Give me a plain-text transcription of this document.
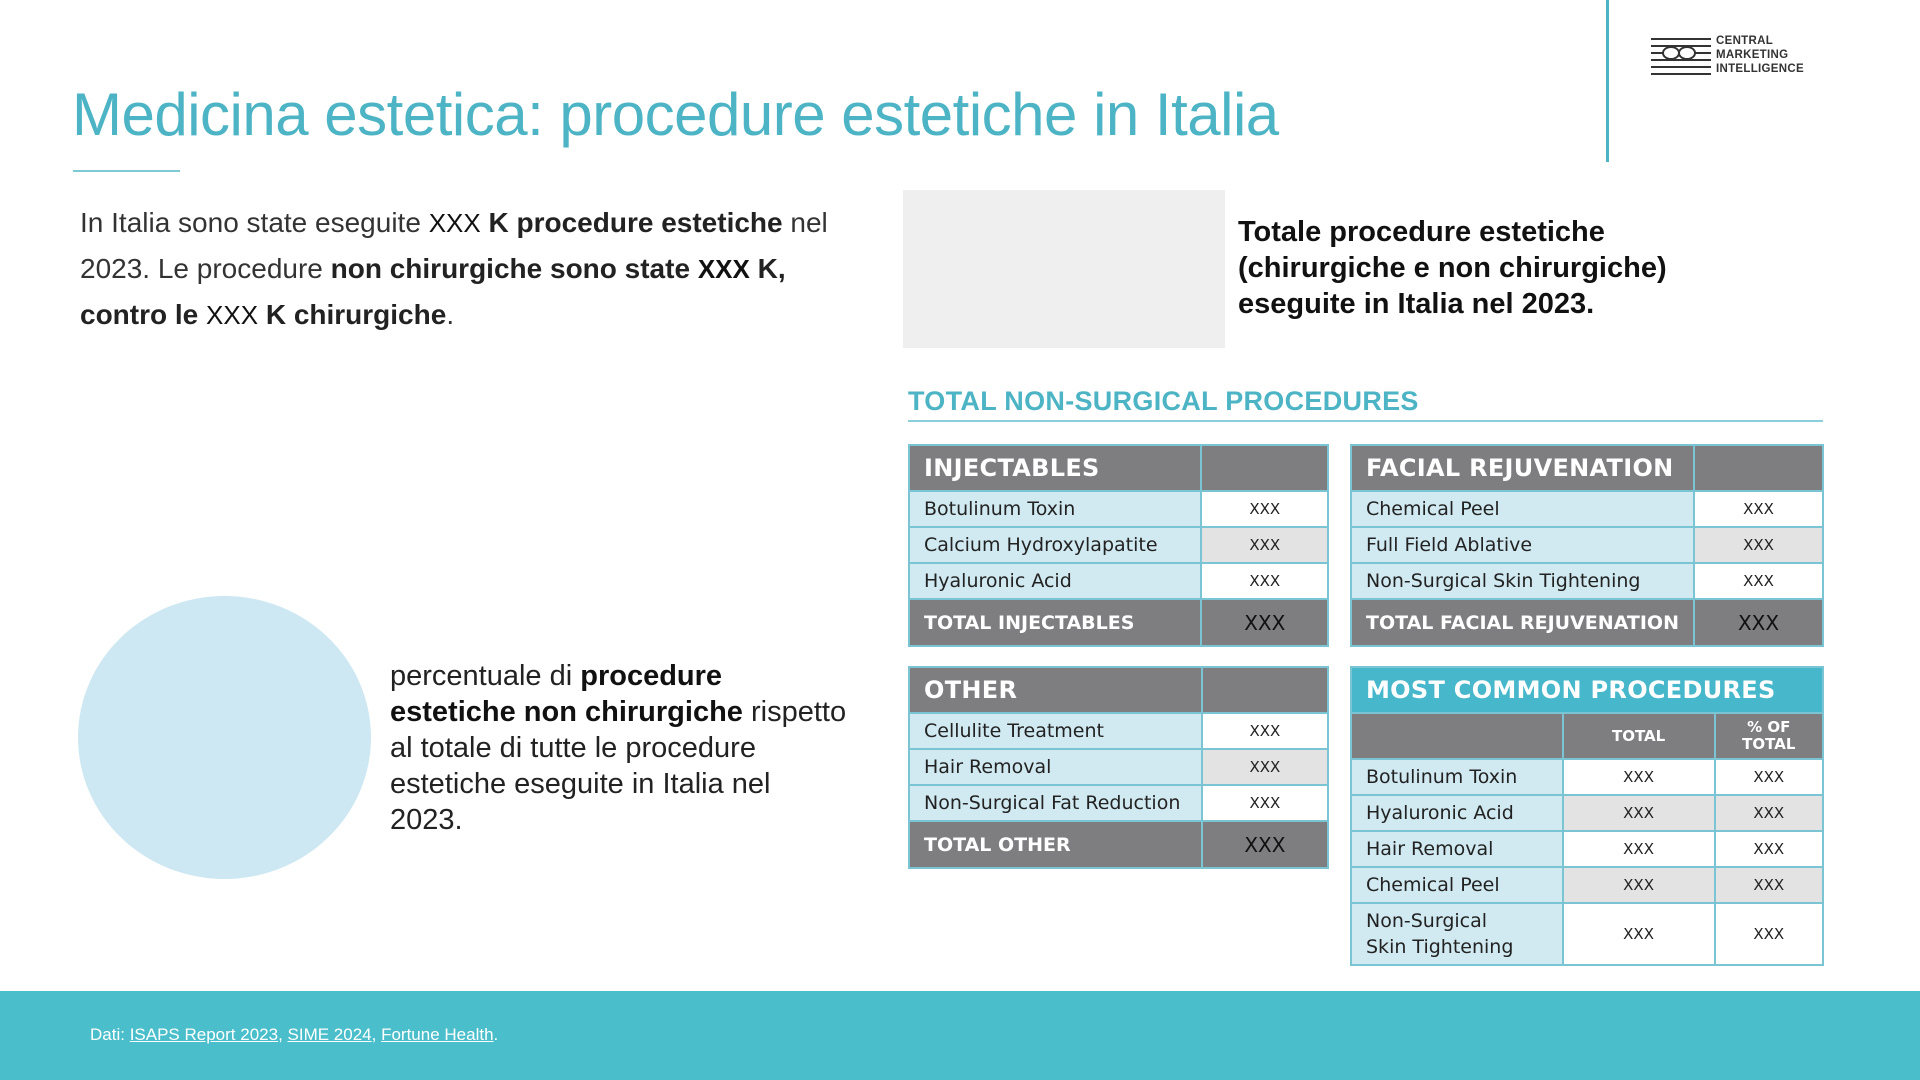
Medicina estetica: procedure estetiche in Italia
CENTRAL
MARKETING
INTELLIGENCE

In Italia sono state eseguite XXX K procedure estetiche nel 2023. Le procedure non chirurgiche sono state XXX K, contro le XXX K chirurgiche.

Totale procedure estetiche (chirurgiche e non chirurgiche) eseguite in Italia nel 2023.

percentuale di procedure estetiche non chirurgiche rispetto al totale di tutte le procedure estetiche eseguite in Italia nel 2023.

TOTAL NON-SURGICAL PROCEDURES
INJECTABLES	
Botulinum Toxin	XXX
Calcium Hydroxylapatite	XXX
Hyaluronic Acid	XXX
TOTAL INJECTABLES	XXX
FACIAL REJUVENATION	
Chemical Peel	XXX
Full Field Ablative	XXX
Non-Surgical Skin Tightening	XXX
TOTAL FACIAL REJUVENATION	XXX
OTHER	
Cellulite Treatment	XXX
Hair Removal	XXX
Non-Surgical Fat Reduction	XXX
TOTAL OTHER	XXX
MOST COMMON PROCEDURES		
	TOTAL	% OF
TOTAL
Botulinum Toxin	XXX	XXX
Hyaluronic Acid	XXX	XXX
Hair Removal	XXX	XXX
Chemical Peel	XXX	XXX
Non-Surgical
Skin Tightening	XXX	XXX
Dati: ISAPS Report 2023, SIME 2024, Fortune Health.
